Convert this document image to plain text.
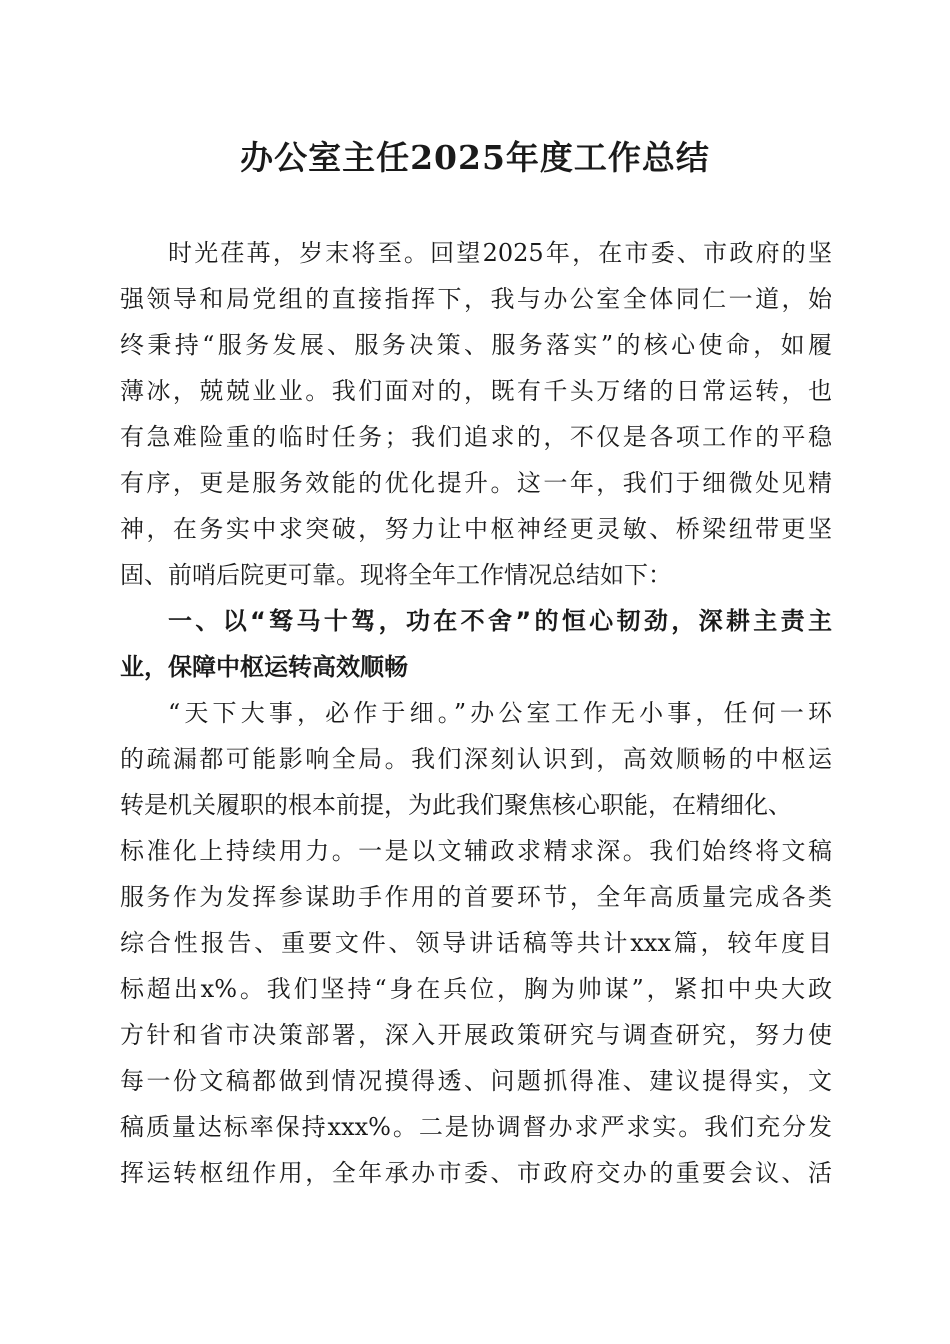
办公室主任2025年度工作总结
时光荏苒，岁末将至。回望2025年，在市委、市政府的坚
强领导和局党组的直接指挥下，我与办公室全体同仁一道，始
终秉持“服务发展、服务决策、服务落实”的核心使命，如履
薄冰，兢兢业业。我们面对的，既有千头万绪的日常运转，也
有急难险重的临时任务；我们追求的，不仅是各项工作的平稳
有序，更是服务效能的优化提升。这一年，我们于细微处见精
神，在务实中求突破，努力让中枢神经更灵敏、桥梁纽带更坚
固、前哨后院更可靠。现将全年工作情况总结如下：
一、以“驽马十驾，功在不舍”的恒心韧劲，深耕主责主
业，保障中枢运转高效顺畅
“天下大事，必作于细。”办公室工作无小事，任何一环
的疏漏都可能影响全局。我们深刻认识到，高效顺畅的中枢运
转是机关履职的根本前提，为此我们聚焦核心职能，在精细化、
标准化上持续用力。一是以文辅政求精求深。我们始终将文稿
服务作为发挥参谋助手作用的首要环节，全年高质量完成各类
综合性报告、重要文件、领导讲话稿等共计xxx篇，较年度目
标超出x%。我们坚持“身在兵位，胸为帅谋”，紧扣中央大政
方针和省市决策部署，深入开展政策研究与调查研究，努力使
每一份文稿都做到情况摸得透、问题抓得准、建议提得实，文
稿质量达标率保持xxx%。二是协调督办求严求实。我们充分发
挥运转枢纽作用，全年承办市委、市政府交办的重要会议、活
